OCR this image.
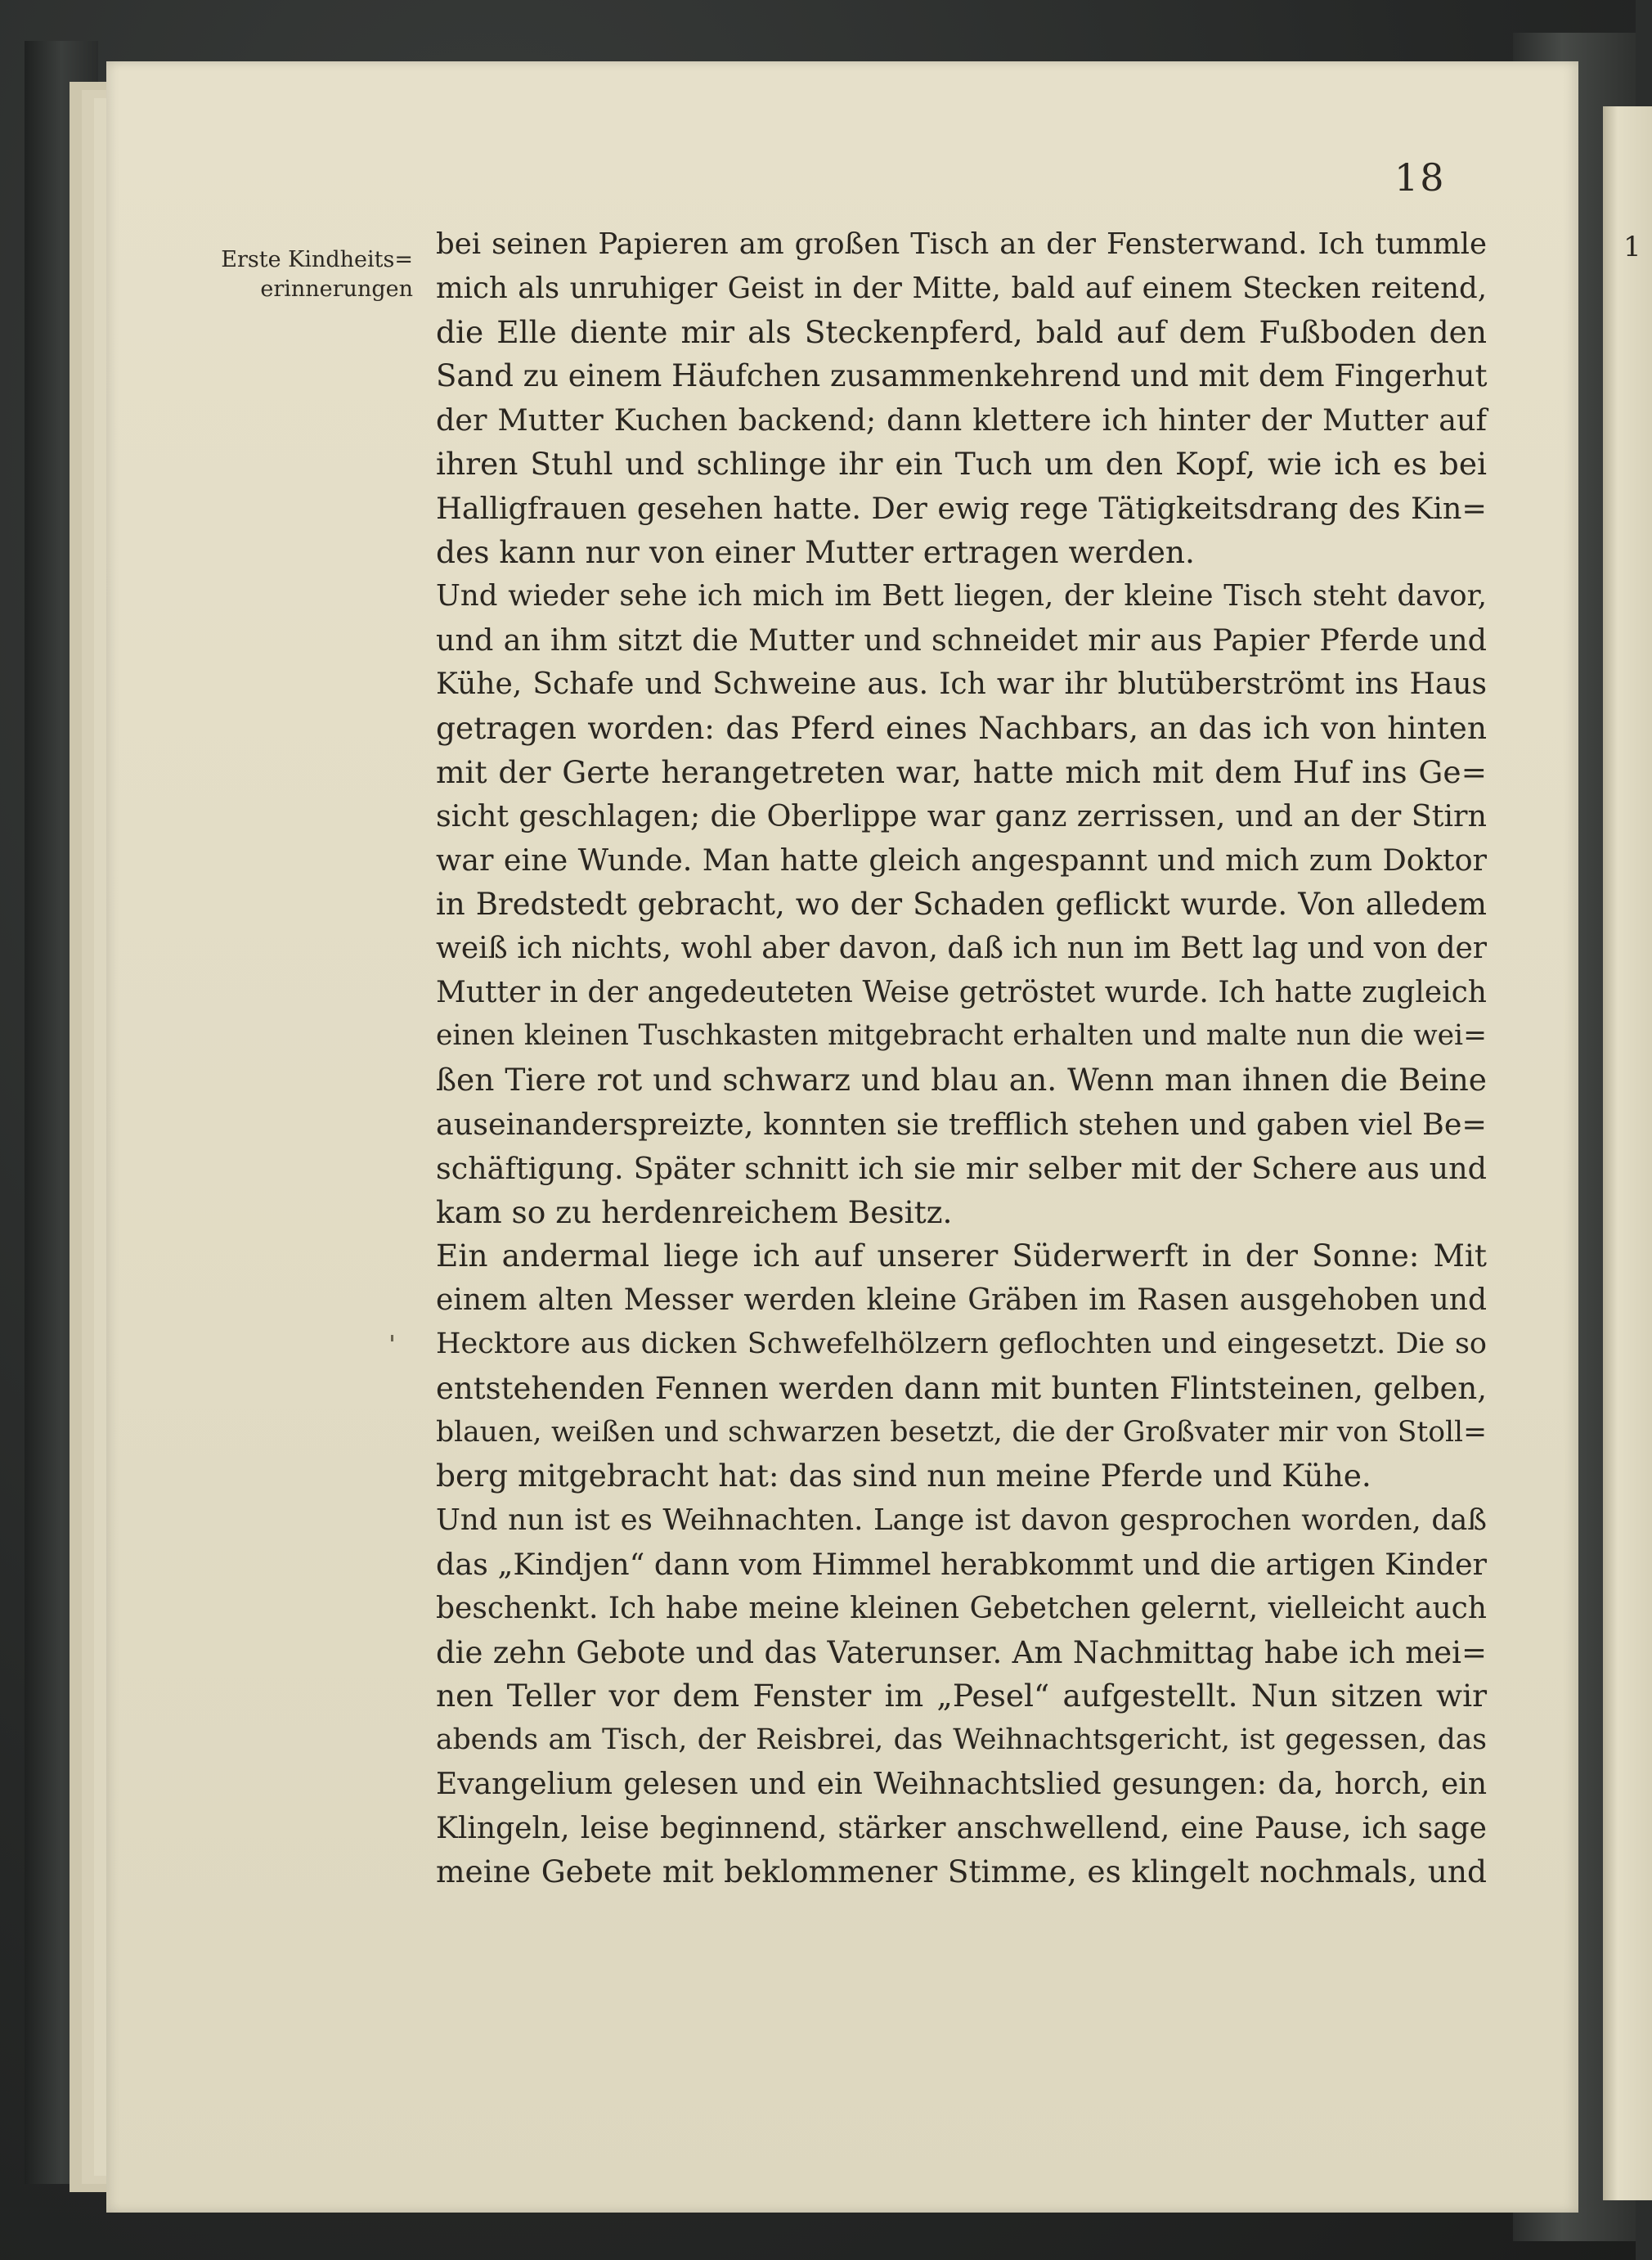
1
18
Erste Kindheits=
erinnerungen
bei seinen Papieren am großen Tisch an der Fensterwand. Ich tummle
mich als unruhiger Geist in der Mitte, bald auf einem Stecken reitend,
die Elle diente mir als Steckenpferd, bald auf dem Fußboden den
Sand zu einem Häufchen zusammenkehrend und mit dem Fingerhut
der Mutter Kuchen backend; dann klettere ich hinter der Mutter auf
ihren Stuhl und schlinge ihr ein Tuch um den Kopf, wie ich es bei
Halligfrauen gesehen hatte. Der ewig rege Tätigkeitsdrang des Kin=
des kann nur von einer Mutter ertragen werden.
Und wieder sehe ich mich im Bett liegen, der kleine Tisch steht davor,
und an ihm sitzt die Mutter und schneidet mir aus Papier Pferde und
Kühe, Schafe und Schweine aus. Ich war ihr blutüberströmt ins Haus
getragen worden: das Pferd eines Nachbars, an das ich von hinten
mit der Gerte herangetreten war, hatte mich mit dem Huf ins Ge=
sicht geschlagen; die Oberlippe war ganz zerrissen, und an der Stirn
war eine Wunde. Man hatte gleich angespannt und mich zum Doktor
in Bredstedt gebracht, wo der Schaden geflickt wurde. Von alledem
weiß ich nichts, wohl aber davon, daß ich nun im Bett lag und von der
Mutter in der angedeuteten Weise getröstet wurde. Ich hatte zugleich
einen kleinen Tuschkasten mitgebracht erhalten und malte nun die wei=
ßen Tiere rot und schwarz und blau an. Wenn man ihnen die Beine
auseinanderspreizte, konnten sie trefflich stehen und gaben viel Be=
schäftigung. Später schnitt ich sie mir selber mit der Schere aus und
kam so zu herdenreichem Besitz.
Ein andermal liege ich auf unserer Süderwerft in der Sonne: Mit
einem alten Messer werden kleine Gräben im Rasen ausgehoben und
Hecktore aus dicken Schwefelhölzern geflochten und eingesetzt. Die so
entstehenden Fennen werden dann mit bunten Flintsteinen, gelben,
blauen, weißen und schwarzen besetzt, die der Großvater mir von Stoll=
berg mitgebracht hat: das sind nun meine Pferde und Kühe.
Und nun ist es Weihnachten. Lange ist davon gesprochen worden, daß
das „Kindjen“ dann vom Himmel herabkommt und die artigen Kinder
beschenkt. Ich habe meine kleinen Gebetchen gelernt, vielleicht auch
die zehn Gebote und das Vaterunser. Am Nachmittag habe ich mei=
nen Teller vor dem Fenster im „Pesel“ aufgestellt. Nun sitzen wir
abends am Tisch, der Reisbrei, das Weihnachtsgericht, ist gegessen, das
Evangelium gelesen und ein Weihnachtslied gesungen: da, horch, ein
Klingeln, leise beginnend, stärker anschwellend, eine Pause, ich sage
meine Gebete mit beklommener Stimme, es klingelt nochmals, und
